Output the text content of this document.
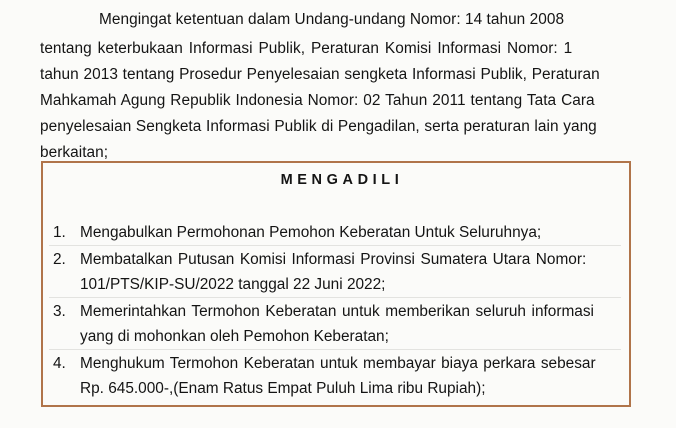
Mengingat ketentuan dalam Undang-undang Nomor: 14 tahun 2008
tentang keterbukaan Informasi Publik, Peraturan Komisi Informasi Nomor: 1
tahun 2013 tentang Prosedur Penyelesaian sengketa Informasi Publik, Peraturan
Mahkamah Agung Republik Indonesia Nomor: 02 Tahun 2011 tentang Tata Cara
penyelesaian Sengketa Informasi Publik di Pengadilan, serta peraturan lain yang
berkaitan;
MENGADILI
1. Mengabulkan Permohonan Pemohon Keberatan Untuk Seluruhnya;
2. Membatalkan Putusan Komisi Informasi Provinsi Sumatera Utara Nomor:
101/PTS/KIP-SU/2022 tanggal 22 Juni 2022;
3. Memerintahkan Termohon Keberatan untuk memberikan seluruh informasi
yang di mohonkan oleh Pemohon Keberatan;
4. Menghukum Termohon Keberatan untuk membayar biaya perkara sebesar
Rp. 645.000-,(Enam Ratus Empat Puluh Lima ribu Rupiah);
